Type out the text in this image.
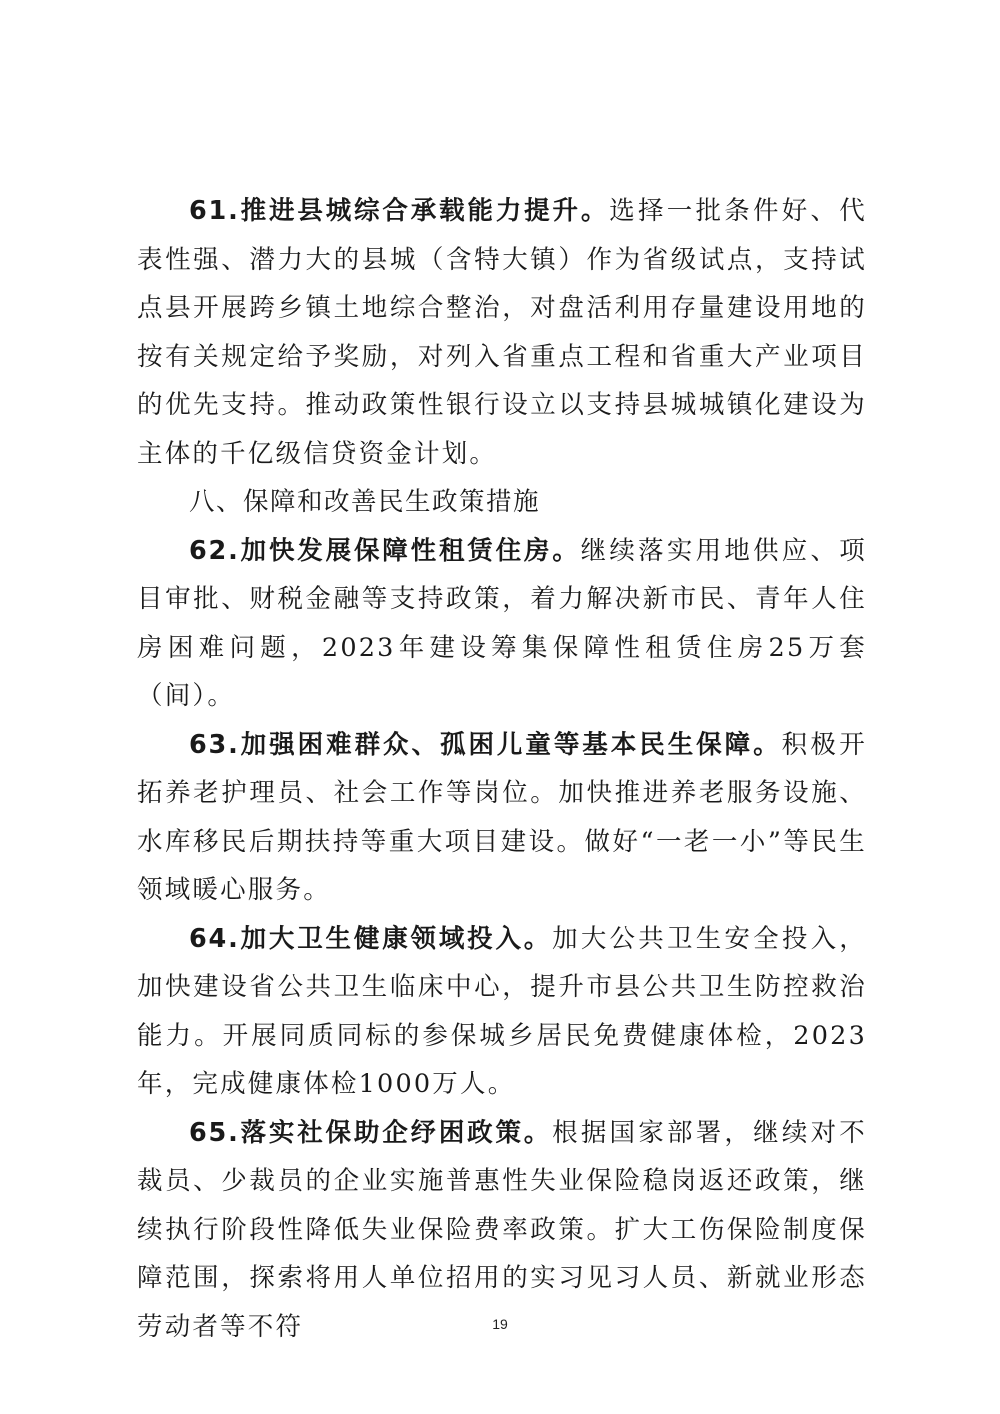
61.推进县城综合承载能力提升。选择一批条件好、代表性强、潜力大的县城（含特大镇）作为省级试点，支持试点县开展跨乡镇土地综合整治，对盘活利用存量建设用地的按有关规定给予奖励，对列入省重点工程和省重大产业项目的优先支持。推动政策性银行设立以支持县城城镇化建设为主体的千亿级信贷资金计划。

八、保障和改善民生政策措施

62.加快发展保障性租赁住房。继续落实用地供应、项目审批、财税金融等支持政策，着力解决新市民、青年人住房困难问题，2023年建设筹集保障性租赁住房25万套（间）。

63.加强困难群众、孤困儿童等基本民生保障。积极开拓养老护理员、社会工作等岗位。加快推进养老服务设施、水库移民后期扶持等重大项目建设。做好“一老一小”等民生领域暖心服务。

64.加大卫生健康领域投入。加大公共卫生安全投入，加快建设省公共卫生临床中心，提升市县公共卫生防控救治能力。开展同质同标的参保城乡居民免费健康体检，2023年，完成健康体检1000万人。

65.落实社保助企纾困政策。根据国家部署，继续对不裁员、少裁员的企业实施普惠性失业保险稳岗返还政策，继续执行阶段性降低失业保险费率政策。扩大工伤保险制度保障范围，探索将用人单位招用的实习见习人员、新就业形态劳动者等不符	19
